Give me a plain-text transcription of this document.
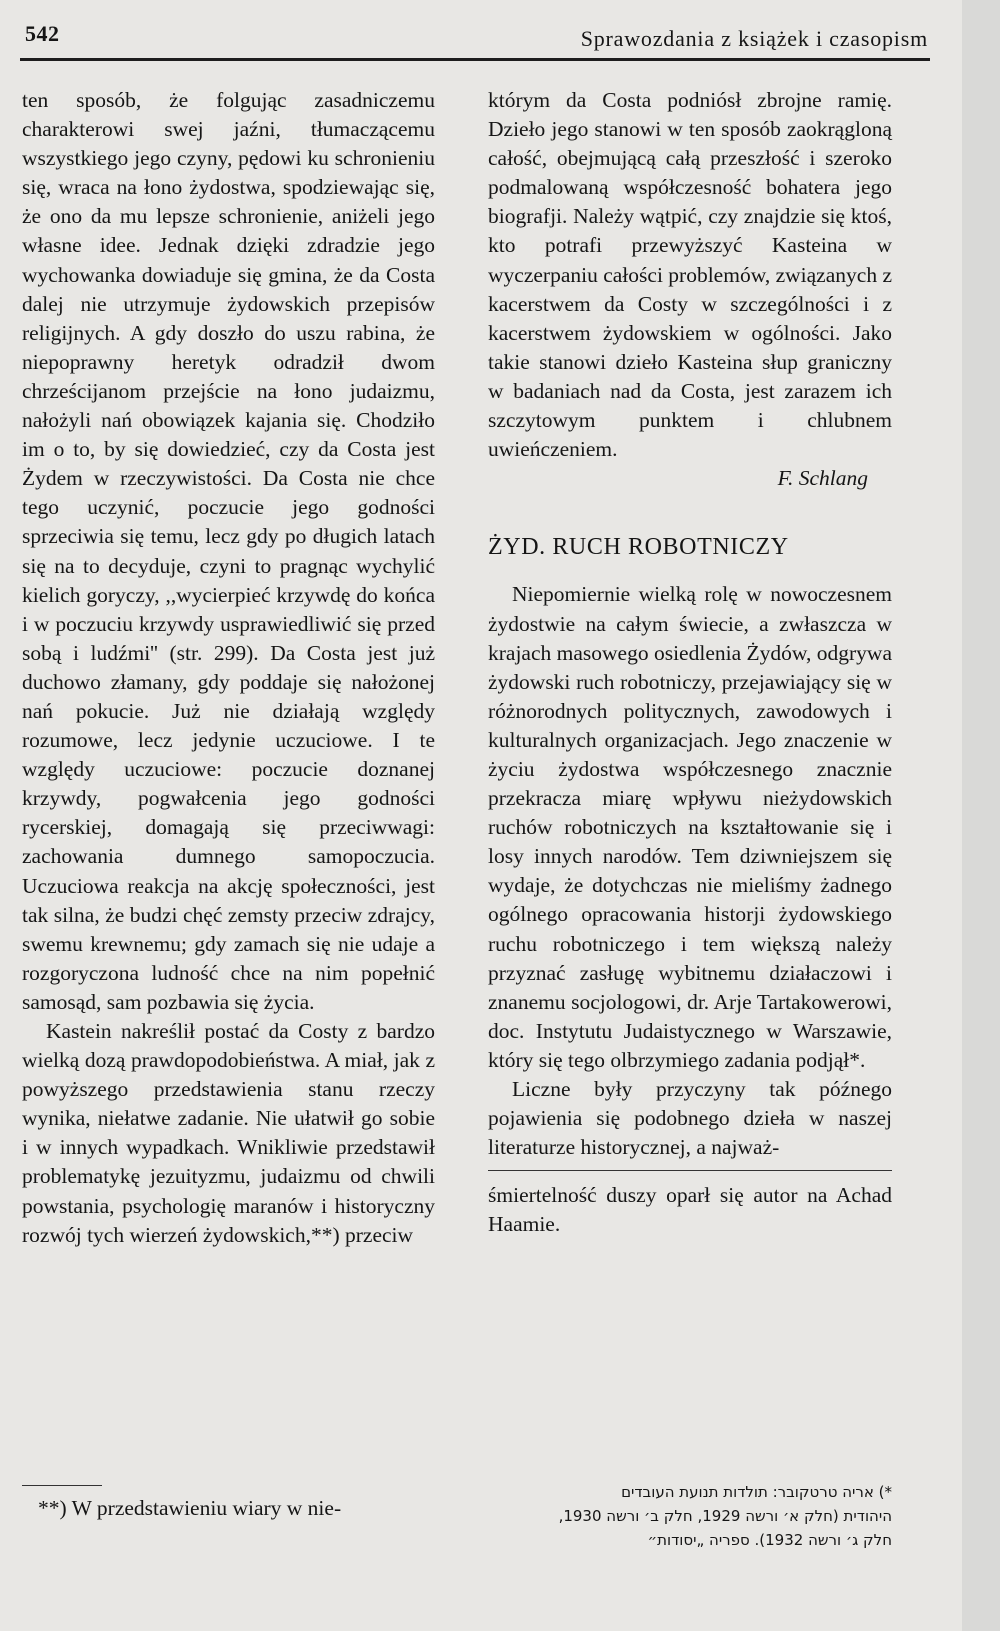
542	Sprawozdania z książek i czasopism

ten sposób, że folgując zasadniczemu charakterowi swej jaźni, tłumaczącemu wszystkiego jego czyny, pędowi ku schronieniu się, wraca na łono żydostwa, spodziewając się, że ono da mu lepsze schronienie, aniżeli jego własne idee. Jednak dzięki zdradzie jego wychowanka dowiaduje się gmina, że da Costa dalej nie utrzymuje żydowskich przepisów religijnych. A gdy doszło do uszu rabina, że niepoprawny heretyk odradził dwom chrześcijanom przejście na łono judaizmu, nałożyli nań obowiązek kajania się. Chodziło im o to, by się dowiedzieć, czy da Costa jest Żydem w rzeczywistości. Da Costa nie chce tego uczynić, poczucie jego godności sprzeciwia się temu, lecz gdy po długich latach się na to decyduje, czyni to pragnąc wychylić kielich goryczy, ,,wycierpieć krzywdę do końca i w poczuciu krzywdy usprawiedliwić się przed sobą i ludźmi'' (str. 299). Da Costa jest już duchowo złamany, gdy poddaje się nałożonej nań pokucie. Już nie działają względy rozumowe, lecz jedynie uczuciowe. I te względy uczuciowe: poczucie doznanej krzywdy, pogwałcenia jego godności rycerskiej, domagają się przeciwwagi: zachowania dumnego samopoczucia. Uczuciowa reakcja na akcję społeczności, jest tak silna, że budzi chęć zemsty przeciw zdrajcy, swemu krewnemu; gdy zamach się nie udaje a rozgoryczona ludność chce na nim popełnić samosąd, sam pozbawia się życia.

Kastein nakreślił postać da Costy z bardzo wielką dozą prawdopodobieństwa. A miał, jak z powyższego przedstawienia stanu rzeczy wynika, niełatwe zadanie. Nie ułatwił go sobie i w innych wypadkach. Wnikliwie przedstawił problematykę jezuityzmu, judaizmu od chwili powstania, psychologię maranów i historyczny rozwój tych wierzeń żydowskich,**) przeciw

**) W przedstawieniu wiary w nie-

którym da Costa podniósł zbrojne ramię. Dzieło jego stanowi w ten sposób zaokrągloną całość, obejmującą całą przeszłość i szeroko podmalowaną współczesność bohatera jego biografji. Należy wątpić, czy znajdzie się ktoś, kto potrafi przewyższyć Kasteina w wyczerpaniu całości problemów, związanych z kacerstwem da Costy w szczególności i z kacerstwem żydowskiem w ogólności. Jako takie stanowi dzieło Kasteina słup graniczny w badaniach nad da Costa, jest zarazem ich szczytowym punktem i chlubnem uwieńczeniem.

F. Schlang

ŻYD. RUCH ROBOTNICZY

Niepomiernie wielką rolę w nowoczesnem żydostwie na całym świecie, a zwłaszcza w krajach masowego osiedlenia Żydów, odgrywa żydowski ruch robotniczy, przejawiający się w różnorodnych politycznych, zawodowych i kulturalnych organizacjach. Jego znaczenie w życiu żydostwa współczesnego znacznie przekracza miarę wpływu nieżydowskich ruchów robotniczych na kształtowanie się i losy innych narodów. Tem dziwniejszem się wydaje, że dotychczas nie mieliśmy żadnego ogólnego opracowania historji żydowskiego ruchu robotniczego i tem większą należy przyznać zasługę wybitnemu działaczowi i znanemu socjologowi, dr. Arje Tartakowerowi, doc. Instytutu Judaistycznego w Warszawie, który się tego olbrzymiego zadania podjął*.

Liczne były przyczyny tak późnego pojawienia się podobnego dzieła w naszej literaturze historycznej, a najważ-

śmiertelność duszy oparł się autor na Achad Haamie.

*) אריה טרטקובר: תולדות תנועת העובדים
היהודית (חלק א׳ ורשה 1929, חלק ב׳ ורשה 1930,
חלק ג׳ ורשה 1932). ספריה „יסודות״
